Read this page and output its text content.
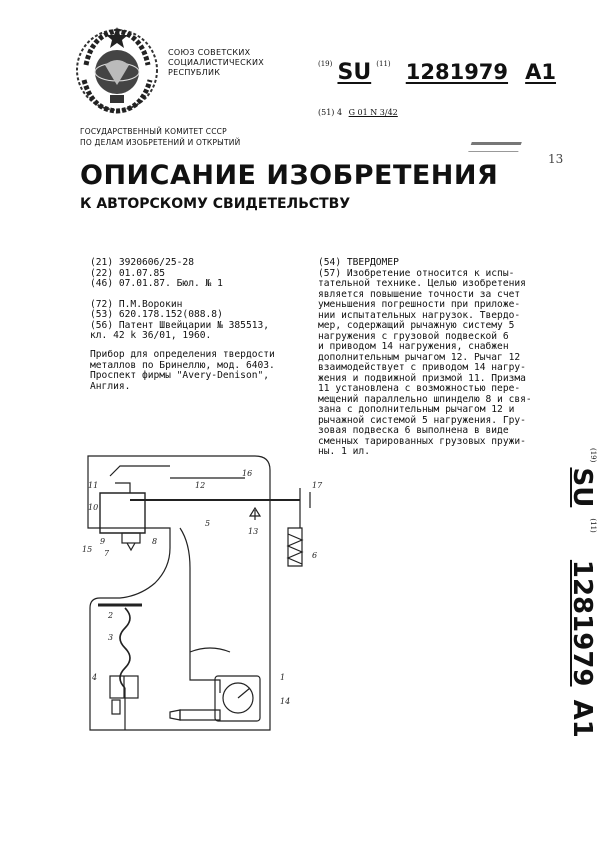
СОЮЗ СОВЕТСКИХ
СОЦИАЛИСТИЧЕСКИХ
РЕСПУБЛИК
$^{(19)}$ SU $^{(11)}$ 1281979 A1
(51) 4 G 01 N 3/42
ГОСУДАРСТВЕННЫЙ КОМИТЕТ СССР
ПО ДЕЛАМ ИЗОБРЕТЕНИЙ И ОТКРЫТИЙ
13
ОПИСАНИЕ ИЗОБРЕТЕНИЯ
К АВТОРСКОМУ СВИДЕТЕЛЬСТВУ
(21) 3920606/25-28
(22) 01.07.85
(46) 07.01.87. Бюл. № 1
(72) П.М.Ворокин
(53) 620.178.152(088.8)
(56) Патент Швейцарии № 385513,
кл. 42 k 36/01, 1960.
Прибор для определения твердости
металлов по Бринеллю, мод. 6403.
Проспект фирмы "Avery-Denison",
Англия.
(54) ТВЕРДОМЕР
(57) Изобретение относится к испы-
тательной технике. Целью изобретения
является повышение точности за счет
уменьшения погрешности при приложе-
нии испытательных нагрузок. Твердо-
мер, содержащий рычажную систему 5
нагружения с грузовой подвеской 6
и приводом 14 нагружения, снабжен
дополнительным рычагом 12. Рычаг 12
взаимодействует с приводом 14 нагру-
жения и подвижной призмой 11. Призма
11 установлена с возможностью пере-
мещений параллельно шпинделю 8 и свя-
зана с дополнительным рычагом 12 и
рычажной системой 5 нагружения. Гру-
зовая подвеска 6 выполнена в виде
сменных тарированных грузовых пружи-
ны. 1 ил.	$^{(19)}$ SU $^{(11)}$ 1281979 A1
11
10
12
16
17
5
9
15 7
8
13
6
2
3
1
4
14
